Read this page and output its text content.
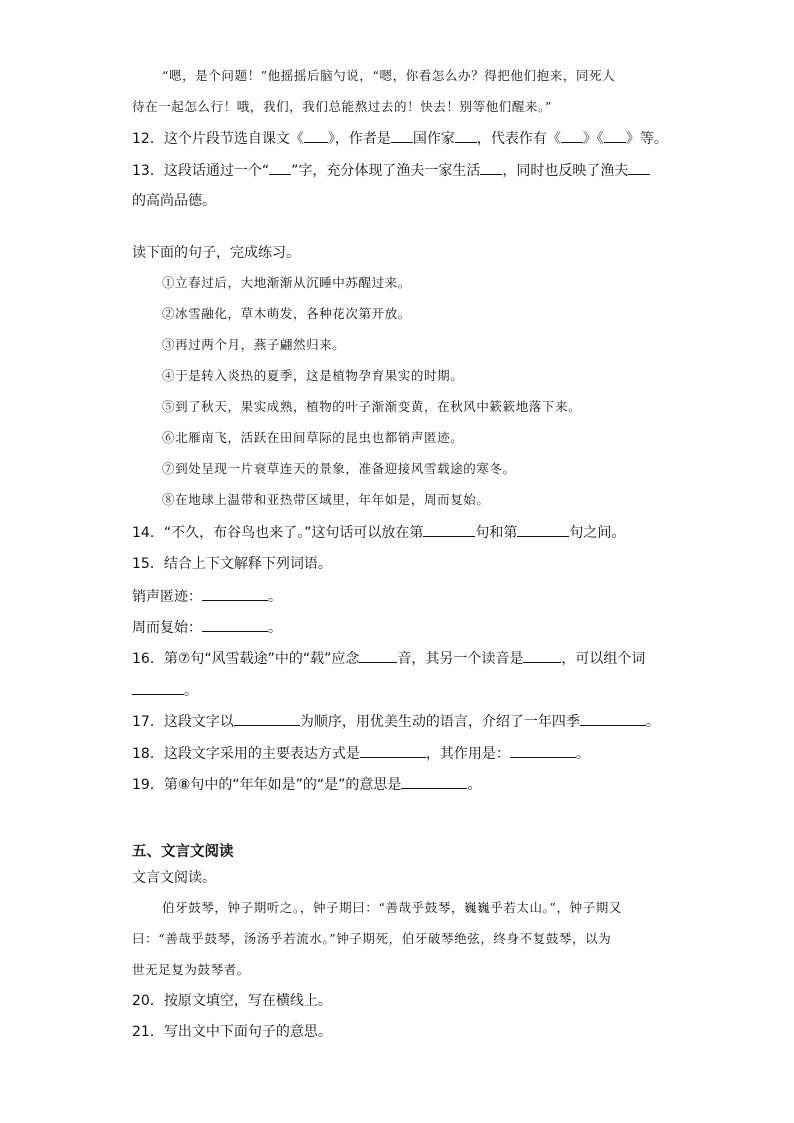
“嗯，是个问题！”他摇摇后脑勺说，“嗯，你看怎么办？得把他们抱来，同死人
待在一起怎么行！哦，我们，我们总能熬过去的！快去！别等他们醒来。”
12．这个片段节选自课文《 》，作者是 国作家 ，代表作有《 》《 》等。
13．这段话通过一个“ ”字，充分体现了渔夫一家生活 ，同时也反映了渔夫
的高尚品德。
读下面的句子，完成练习。
①立春过后，大地渐渐从沉睡中苏醒过来。
②冰雪融化，草木萌发，各种花次第开放。
③再过两个月，燕子翩然归来。
④于是转入炎热的夏季，这是植物孕育果实的时期。
⑤到了秋天，果实成熟，植物的叶子渐渐变黄，在秋风中簌簌地落下来。
⑥北雁南飞，活跃在田间草际的昆虫也都销声匿迹。
⑦到处呈现一片衰草连天的景象，准备迎接风雪载途的寒冬。
⑧在地球上温带和亚热带区域里，年年如是，周而复始。
14．“不久，布谷鸟也来了。”这句话可以放在第	句和第	句之间。
15．结合上下文解释下列词语。
销声匿迹：	。
周而复始：	。
16．第⑦句“风雪载途”中的“载”应念	音，其另一个读音是	，可以组个词
。
17．这段文字以	为顺序，用优美生动的语言，介绍了一年四季	。
18．这段文字采用的主要表达方式是	，其作用是：	。
19．第⑧句中的“年年如是”的“是”的意思是	。
五、文言文阅读
文言文阅读。
伯牙鼓琴，钟子期听之。，钟子期曰：“善哉乎鼓琴，巍巍乎若太山。”，钟子期又
曰：“善哉乎鼓琴，汤汤乎若流水。”钟子期死，伯牙破琴绝弦，终身不复鼓琴，以为
世无足复为鼓琴者。
20．按原文填空，写在横线上。
21．写出文中下面句子的意思。
